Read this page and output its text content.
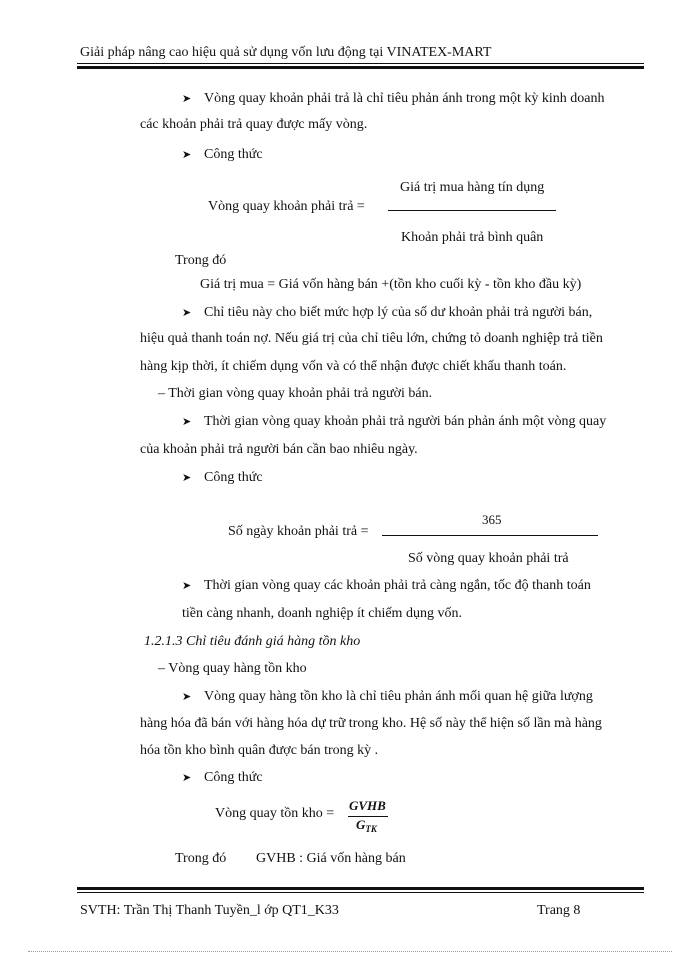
Giải pháp nâng cao hiệu quả sử dụng vốn lưu động tại VINATEX-MART
➤ Vòng quay khoản phải trả là chỉ tiêu phản ánh trong một kỳ kinh doanh
các khoản phải trả quay được mấy vòng.
➤ Công thức
Vòng quay khoản phải trả =
Giá trị mua hàng tín dụng
Khoản phải trả bình quân
Trong đó
Giá trị mua = Giá vốn hàng bán +(tồn kho cuối kỳ - tồn kho đầu kỳ)
➤ Chỉ tiêu này cho biết mức hợp lý của số dư khoản phải trả người bán,
hiệu quả thanh toán nợ. Nếu giá trị của chỉ tiêu lớn, chứng tỏ doanh nghiệp trả tiền
hàng kịp thời, ít chiếm dụng vốn và có thể nhận được chiết khấu thanh toán.
– Thời gian vòng quay khoản phải trả người bán.
➤ Thời gian vòng quay khoản phải trả người bán phản ánh một vòng quay
của khoản phải trả người bán cần bao nhiêu ngày.
➤ Công thức
Số ngày khoản phải trả =
365
Số vòng quay khoản phải trả
➤ Thời gian vòng quay các khoản phải trả càng ngắn, tốc độ thanh toán
tiền càng nhanh, doanh nghiệp ít chiếm dụng vốn.
1.2.1.3 Chỉ tiêu đánh giá hàng tồn kho
– Vòng quay hàng tồn kho
➤ Vòng quay hàng tồn kho là chỉ tiêu phản ánh mối quan hệ giữa lượng
hàng hóa đã bán với hàng hóa dự trữ trong kho. Hệ số này thể hiện số lần mà hàng
hóa tồn kho bình quân được bán trong kỳ .
➤ Công thức
Vòng quay tồn kho =
GVHB
$G_{TK}$
Trong đó GVHB : Giá vốn hàng bán
SVTH: Trần Thị Thanh Tuyền_l ớp QT1_K33	Trang 8
